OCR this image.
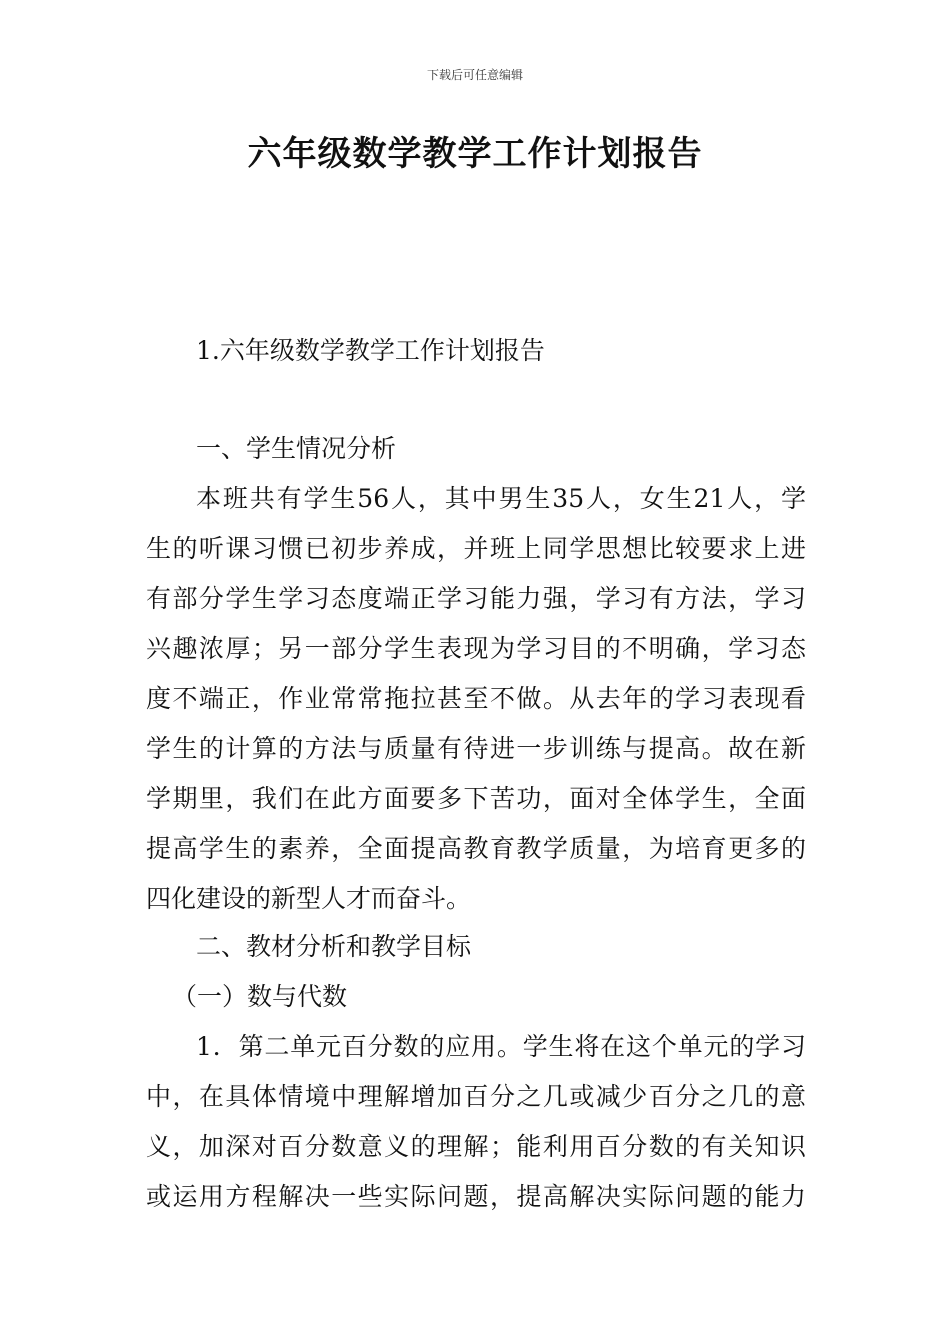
下载后可任意编辑
六年级数学教学工作计划报告
1.六年级数学教学工作计划报告
一、学生情况分析
本班共有学生56人，其中男生35人，女生21人，学
生的听课习惯已初步养成，并班上同学思想比较要求上进
有部分学生学习态度端正学习能力强，学习有方法，学习
兴趣浓厚；另一部分学生表现为学习目的不明确，学习态
度不端正，作业常常拖拉甚至不做。从去年的学习表现看
学生的计算的方法与质量有待进一步训练与提高。故在新
学期里，我们在此方面要多下苦功，面对全体学生，全面
提高学生的素养，全面提高教育教学质量，为培育更多的
四化建设的新型人才而奋斗。
二、教材分析和教学目标
（一）数与代数
1．第二单元百分数的应用。学生将在这个单元的学习
中，在具体情境中理解增加百分之几或减少百分之几的意
义，加深对百分数意义的理解；能利用百分数的有关知识
或运用方程解决一些实际问题，提高解决实际问题的能力
